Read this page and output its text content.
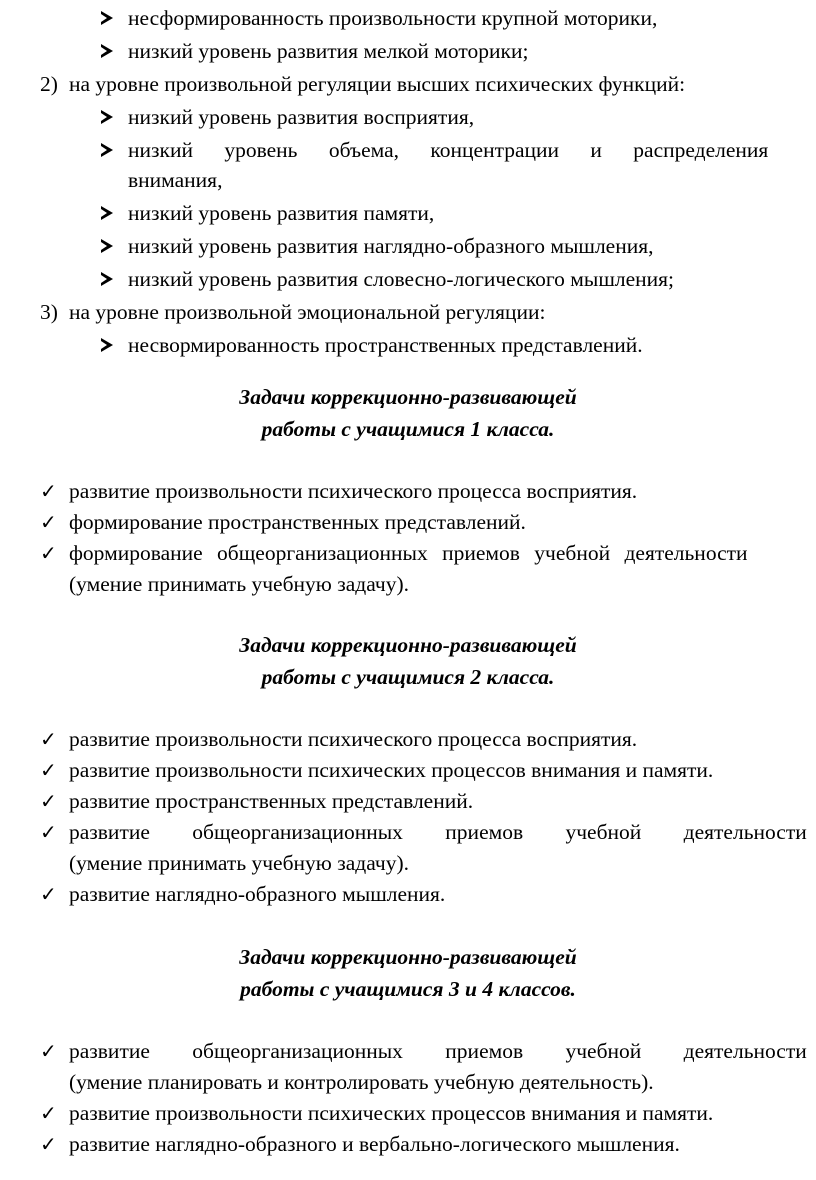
несформированность произвольности крупной моторики,
низкий уровень развития мелкой моторики;
2) на уровне произвольной регуляции высших психических функций:
низкий уровень развития восприятия,
низкий уровень объема, концентрации и распределения
внимания,
низкий уровень развития памяти,
низкий уровень развития наглядно-образного мышления,
низкий уровень развития словесно-логического мышления;
3) на уровне произвольной эмоциональной регуляции:
несвормированность пространственных представлений.
Задачи коррекционно-развивающей
работы с учащимися 1 класса.
✓ развитие произвольности психического процесса восприятия.
✓ формирование пространственных представлений.
✓ формирование общеорганизационных приемов учебной деятельности
(умение принимать учебную задачу).
Задачи коррекционно-развивающей
работы с учащимися 2 класса.
✓ развитие произвольности психического процесса восприятия.
✓ развитие произвольности психических процессов внимания и памяти.
✓ развитие пространственных представлений.
✓ развитие общеорганизационных приемов учебной деятельности
(умение принимать учебную задачу).
✓ развитие наглядно-образного мышления.
Задачи коррекционно-развивающей
работы с учащимися 3 и 4 классов.
✓ развитие общеорганизационных приемов учебной деятельности
(умение планировать и контролировать учебную деятельность).
✓ развитие произвольности психических процессов внимания и памяти.
✓ развитие наглядно-образного и вербально-логического мышления.
